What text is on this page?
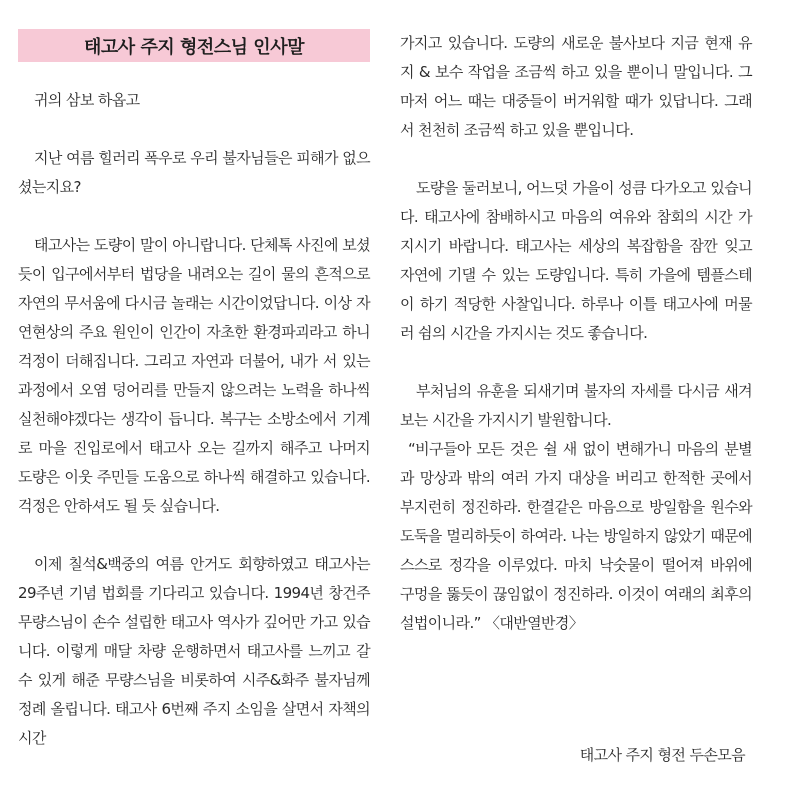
태고사 주지 형전스님 인사말

귀의 삼보 하옵고

지난 여름 힐러리 폭우로 우리 불자님들은 피해가 없으셨는지요?

태고사는 도량이 말이 아니랍니다. 단체톡 사진에 보셨듯이 입구에서부터 법당을 내려오는 길이 물의 흔적으로 자연의 무서움에 다시금 놀래는 시간이었답니다. 이상 자연현상의 주요 원인이 인간이 자초한 환경파괴라고 하니 걱정이 더해집니다. 그리고 자연과 더불어, 내가 서 있는 과정에서 오염 덩어리를 만들지 않으려는 노력을 하나씩 실천해야겠다는 생각이 듭니다. 복구는 소방소에서 기계로 마을 진입로에서 태고사 오는 길까지 해주고 나머지 도량은 이웃 주민들 도움으로 하나씩 해결하고 있습니다. 걱정은 안하셔도 될 듯 싶습니다.

이제 칠석&백중의 여름 안거도 회향하였고 태고사는 29주년 기념 법회를 기다리고 있습니다. 1994년 창건주 무량스님이 손수 설립한 태고사 역사가 깊어만 가고 있습니다. 이렇게 매달 차량 운행하면서 태고사를 느끼고 갈 수 있게 해준 무량스님을 비롯하여 시주&화주 불자님께 정례 올립니다. 태고사 6번째 주지 소임을 살면서 자책의 시간

가지고 있습니다. 도량의 새로운 불사보다 지금 현재 유지 & 보수 작업을 조금씩 하고 있을 뿐이니 말입니다. 그마저 어느 때는 대중들이 버거워할 때가 있답니다. 그래서 천천히 조금씩 하고 있을 뿐입니다.

도량을 둘러보니, 어느덧 가을이 성큼 다가오고 있습니다. 태고사에 참배하시고 마음의 여유와 참회의 시간 가지시기 바랍니다. 태고사는 세상의 복잡함을 잠깐 잊고 자연에 기댈 수 있는 도량입니다. 특히 가을에 템플스테이 하기 적당한 사찰입니다. 하루나 이틀 태고사에 머물러 쉼의 시간을 가지시는 것도 좋습니다.

부처님의 유훈을 되새기며 불자의 자세를 다시금 새겨 보는 시간을 가지시기 발원합니다.

“비구들아 모든 것은 쉴 새 없이 변해가니 마음의 분별과 망상과 밖의 여러 가지 대상을 버리고 한적한 곳에서 부지런히 정진하라. 한결같은 마음으로 방일함을 원수와 도둑을 멀리하듯이 하여라. 나는 방일하지 않았기 때문에 스스로 정각을 이루었다. 마치 낙숫물이 떨어져 바위에 구멍을 뚫듯이 끊임없이 정진하라. 이것이 여래의 최후의 설법이니라.” 〈대반열반경〉

태고사 주지 형전 두손모음
